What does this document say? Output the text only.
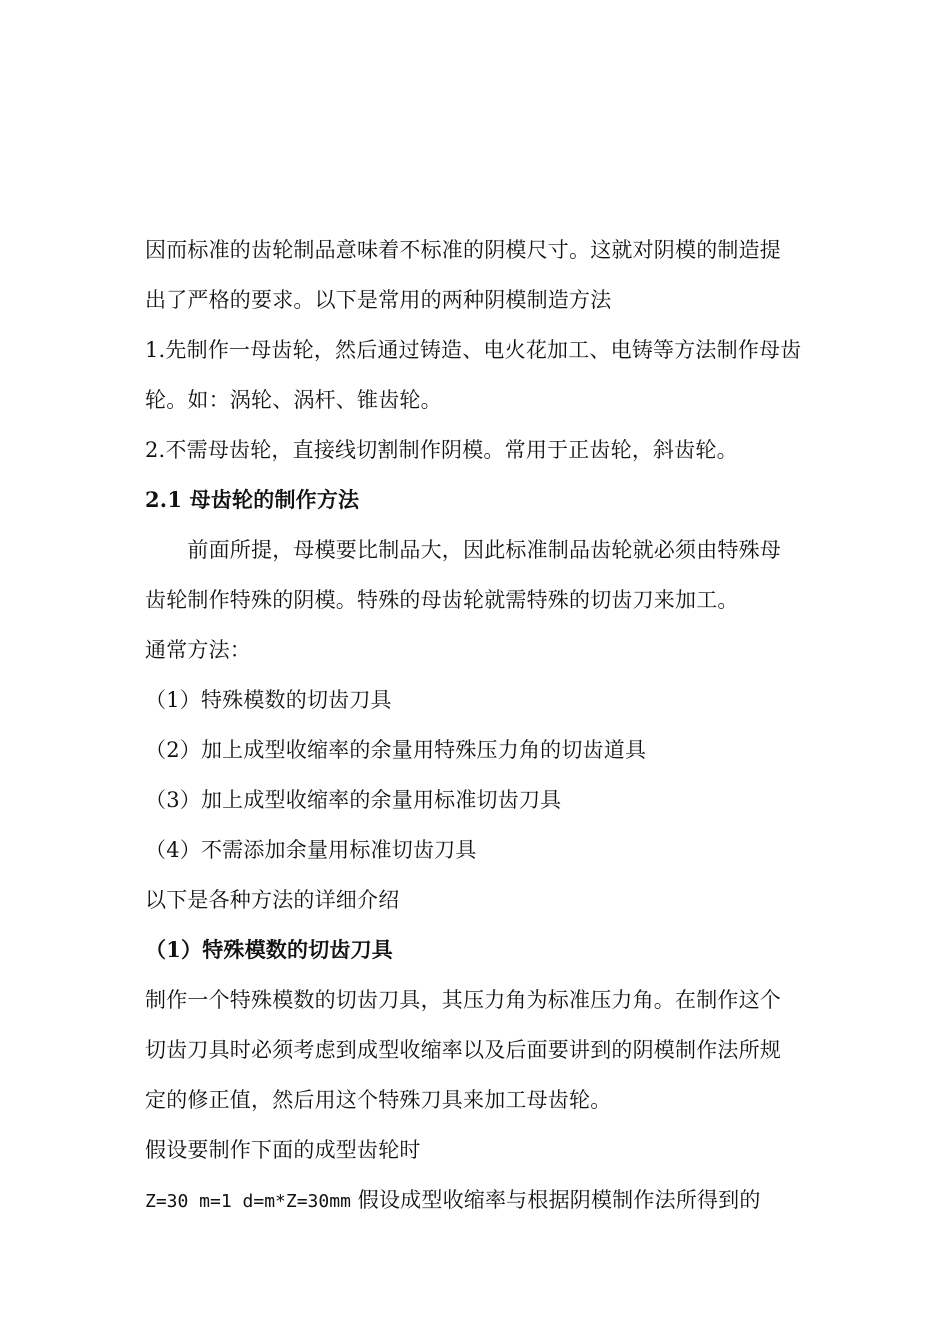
因而标准的齿轮制品意味着不标准的阴模尺寸。这就对阴模的制造提
出了严格的要求。以下是常用的两种阴模制造方法
1.先制作一母齿轮，然后通过铸造、电火花加工、电铸等方法制作母齿
轮。如：涡轮、涡杆、锥齿轮。
2.不需母齿轮，直接线切割制作阴模。常用于正齿轮，斜齿轮。
2.1 母齿轮的制作方法
　　前面所提，母模要比制品大，因此标准制品齿轮就必须由特殊母
齿轮制作特殊的阴模。特殊的母齿轮就需特殊的切齿刀来加工。
通常方法：
（1）特殊模数的切齿刀具
（2）加上成型收缩率的余量用特殊压力角的切齿道具
（3）加上成型收缩率的余量用标准切齿刀具
（4）不需添加余量用标准切齿刀具
以下是各种方法的详细介绍
（1）特殊模数的切齿刀具
制作一个特殊模数的切齿刀具，其压力角为标准压力角。在制作这个
切齿刀具时必须考虑到成型收缩率以及后面要讲到的阴模制作法所规
定的修正值，然后用这个特殊刀具来加工母齿轮。
假设要制作下面的成型齿轮时
Z=30 m=1 d=m*Z=30mm 假设成型收缩率与根据阴模制作法所得到的
